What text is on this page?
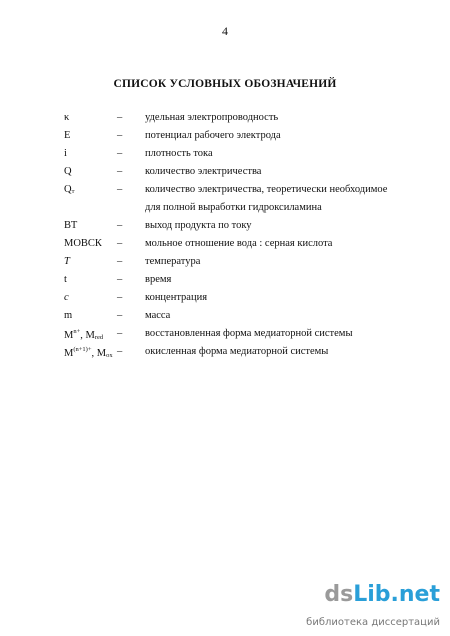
4
СПИСОК УСЛОВНЫХ ОБОЗНАЧЕНИЙ
κ	– удельная электропроводность
E	– потенциал рабочего электрода
i	– плотность тока
Q	– количество электричества
$Q_т$	– количество электричества, теоретически необходимое
для полной выработки гидроксиламина
ВТ	– выход продукта по току
МОВСК – мольное отношение вода : серная кислота
T	– температура
t	– время
c	– концентрация
m	– масса
$M^{n+}$, $M_{red}$ – восстановленная форма медиаторной системы
$M^{(n+1)+}$, $M_{ox}$ – окисленная форма медиаторной системы
dsLib.net
библиотека диссертаций
